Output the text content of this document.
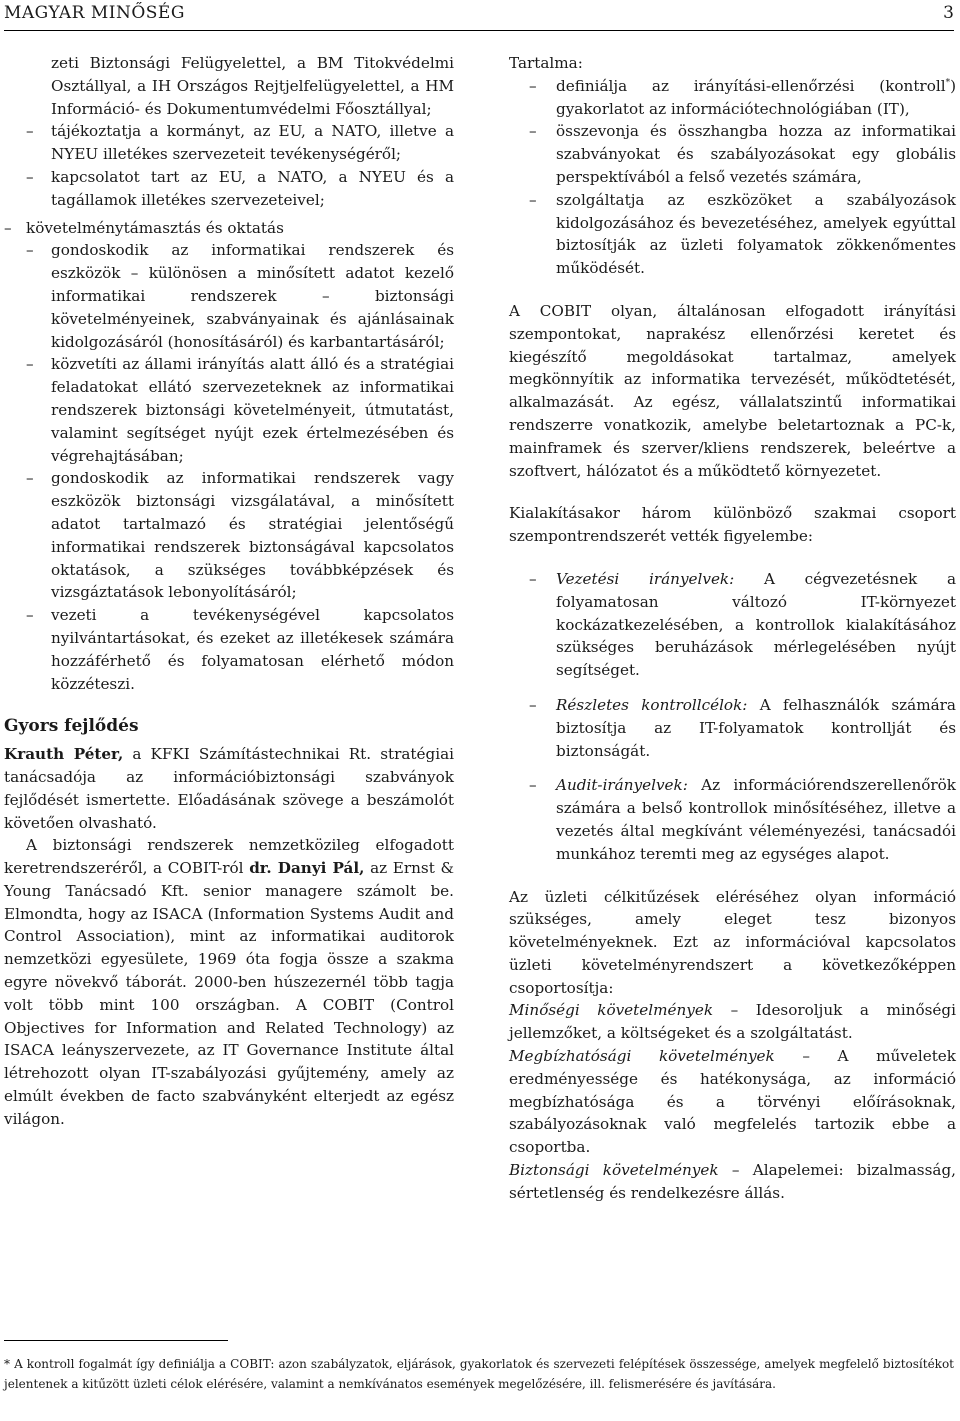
MAGYAR MINŐSÉG	3

zeti Biztonsági Felügyelettel, a BM Titokvédelmi Osztállyal, a IH Országos Rejtjelfelügyelettel, a HM Információ- és Dokumentumvédelmi Főosztállyal;

– tájékoztatja a kormányt, az EU, a NATO, illetve a NYEU illetékes szervezeteit tevékenységéről;

– kapcsolatot tart az EU, a NATO, a NYEU és a tagállamok illetékes szervezeteivel;

– követelménytámasztás és oktatás

– gondoskodik az informatikai rendszerek és eszközök – különösen a minősített adatot kezelő informatikai rendszerek – biztonsági követelményeinek, szabványainak és ajánlásainak kidolgozásáról (honosításáról) és karbantartásáról;

– közvetíti az állami irányítás alatt álló és a stratégiai feladatokat ellátó szervezeteknek az informatikai rendszerek biztonsági követelményeit, útmutatást, valamint segítséget nyújt ezek értelmezésében és végrehajtásában;

– gondoskodik az informatikai rendszerek vagy eszközök biztonsági vizsgálatával, a minősített adatot tartalmazó és stratégiai jelentőségű informatikai rendszerek biztonságával kapcsolatos oktatások, a szükséges továbbképzések és vizsgáztatások lebonyolításáról;

– vezeti a tevékenységével kapcsolatos nyilvántartásokat, és ezeket az illetékesek számára hozzáférhető és folyamatosan elérhető módon közzéteszi.

Gyors fejlődés

Krauth Péter, a KFKI Számítástechnikai Rt. stratégiai tanácsadója az információbiztonsági szabványok fejlődését ismertette. Előadásának szövege a beszámolót követően olvasható.

A biztonsági rendszerek nemzetközileg elfogadott keretrendszeréről, a COBIT-ról dr. Danyi Pál, az Ernst & Young Tanácsadó Kft. senior managere számolt be. Elmondta, hogy az ISACA (Information Systems Audit and Control Association), mint az informatikai auditorok nemzetközi egyesülete, 1969 óta fogja össze a szakma egyre növekvő táborát. 2000-ben húszezernél több tagja volt több mint 100 országban. A COBIT (Control Objectives for Information and Related Technology) az ISACA leányszervezete, az IT Governance Institute által létrehozott olyan IT-szabályozási gyűjtemény, amely az elmúlt években de facto szabványként elterjedt az egész világon.

Tartalma:

– definiálja az irányítási-ellenőrzési (kontroll*) gyakorlatot az információtechnológiában (IT),

– összevonja és összhangba hozza az informatikai szabványokat és szabályozásokat egy globális perspektívából a felső vezetés számára,

– szolgáltatja az eszközöket a szabályozások kidolgozásához és bevezetéséhez, amelyek egyúttal biztosítják az üzleti folyamatok zökkenőmentes működését.

A COBIT olyan, általánosan elfogadott irányítási szempontokat, naprakész ellenőrzési keretet és kiegészítő megoldásokat tartalmaz, amelyek megkönnyítik az informatika tervezését, működtetését, alkalmazását. Az egész, vállalatszintű informatikai rendszerre vonatkozik, amelybe beletartoznak a PC-k, mainframek és szerver/kliens rendszerek, beleértve a szoftvert, hálózatot és a működtető környezetet.

Kialakításakor három különböző szakmai csoport szempontrendszerét vették figyelembe:

– Vezetési irányelvek: A cégvezetésnek a folyamatosan változó IT-környezet kockázatkezelésében, a kontrollok kialakításához szükséges beruházások mérlegelésében nyújt segítséget.

– Részletes kontrollcélok: A felhasználók számára biztosítja az IT-folyamatok kontrollját és biztonságát.

– Audit-irányelvek: Az információrendszerellenőrök számára a belső kontrollok minősítéséhez, illetve a vezetés által megkívánt véleményezési, tanácsadói munkához teremti meg az egységes alapot.

Az üzleti célkitűzések eléréséhez olyan információ szükséges, amely eleget tesz bizonyos követelményeknek. Ezt az információval kapcsolatos üzleti követelményrendszert a következőképpen csoportosítja:

Minőségi követelmények – Idesoroljuk a minőségi jellemzőket, a költségeket és a szolgáltatást.

Megbízhatósági követelmények – A műveletek eredményessége és hatékonysága, az információ megbízhatósága és a törvényi előírásoknak, szabályozásoknak való megfelelés tartozik ebbe a csoportba.

Biztonsági követelmények – Alapelemei: bizalmasság, sértetlenség és rendelkezésre állás.

* A kontroll fogalmát így definiálja a COBIT: azon szabályzatok, eljárások, gyakorlatok és szervezeti felépítések összessége, amelyek megfelelő biztosítékot jelentenek a kitűzött üzleti célok elérésére, valamint a nemkívánatos események megelőzésére, ill. felismerésére és javítására.
